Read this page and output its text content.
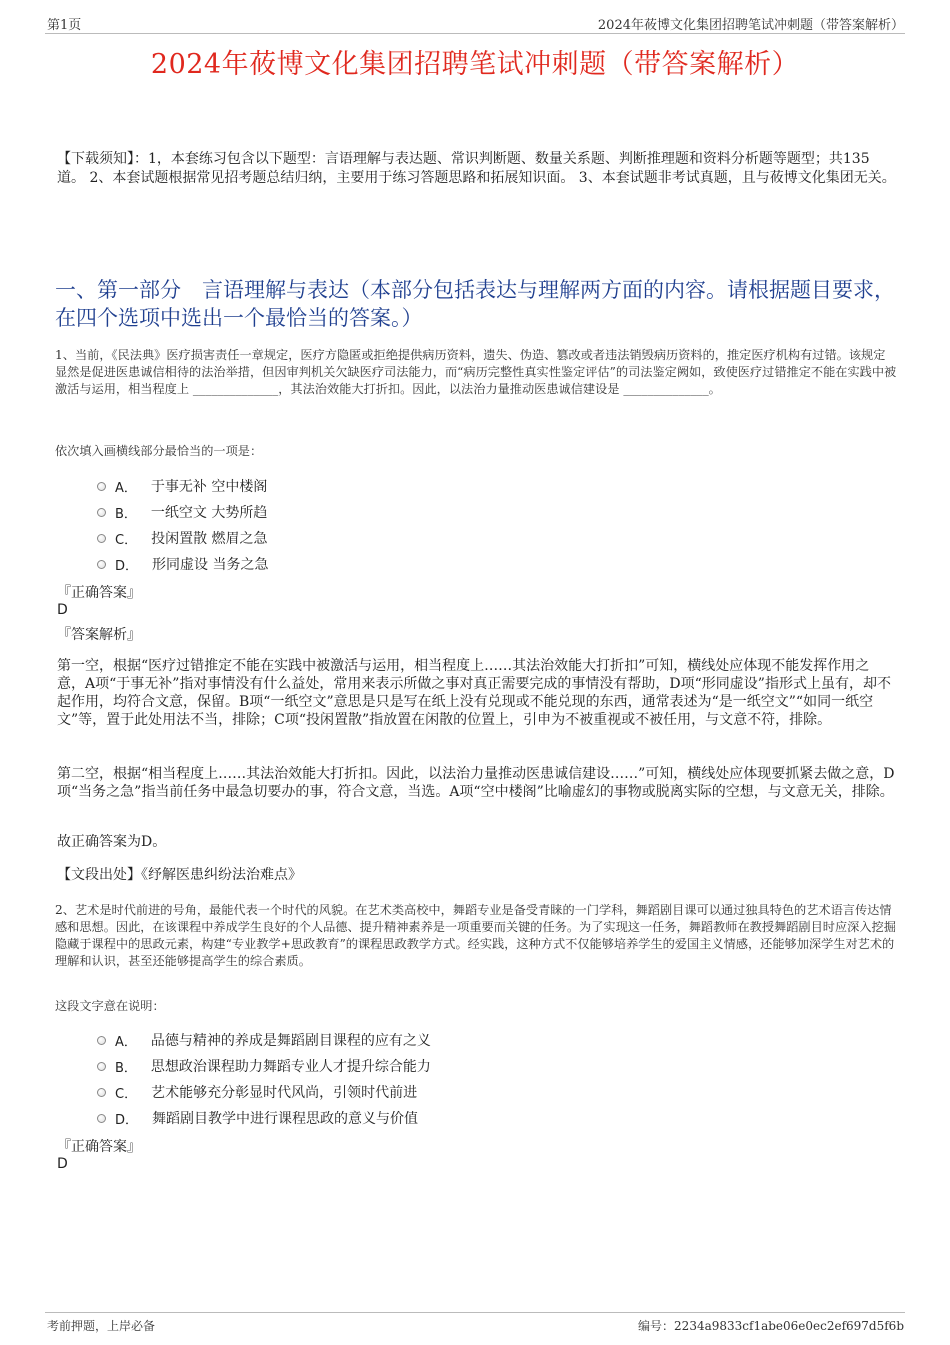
第1页	2024年莜博文化集团招聘笔试冲刺题（带答案解析）
2024年莜博文化集团招聘笔试冲刺题（带答案解析）
【下载须知】：1，本套练习包含以下题型：言语理解与表达题、常识判断题、数量关系题、判断推理题和资料分析题等题型；共135道。 2、本套试题根据常见招考题总结归纳，主要用于练习答题思路和拓展知识面。 3、本套试题非考试真题，且与莜博文化集团无关。
一、第一部分　言语理解与表达（本部分包括表达与理解两方面的内容。请根据题目要求，在四个选项中选出一个最恰当的答案。）
1、当前，《民法典》医疗损害责任一章规定，医疗方隐匿或拒绝提供病历资料，遗失、伪造、篡改或者违法销毁病历资料的，推定医疗机构有过错。该规定显然是促进医患诚信相待的法治举措，但因审判机关欠缺医疗司法能力，而“病历完整性真实性鉴定评估”的司法鉴定阙如，致使医疗过错推定不能在实践中被激活与运用，相当程度上 ______________，其法治效能大打折扣。因此，以法治力量推动医患诚信建设是 ______________。
依次填入画横线部分最恰当的一项是：
A． 于事无补 空中楼阁
B． 一纸空文 大势所趋
C． 投闲置散 燃眉之急
D． 形同虚设 当务之急
『正确答案』
D
『答案解析』
第一空，根据“医疗过错推定不能在实践中被激活与运用，相当程度上……其法治效能大打折扣”可知，横线处应体现不能发挥作用之意，A项“于事无补”指对事情没有什么益处，常用来表示所做之事对真正需要完成的事情没有帮助，D项“形同虚设”指形式上虽有，却不起作用，均符合文意，保留。B项“一纸空文”意思是只是写在纸上没有兑现或不能兑现的东西，通常表述为“是一纸空文”“如同一纸空文”等，置于此处用法不当，排除；C项“投闲置散”指放置在闲散的位置上，引申为不被重视或不被任用，与文意不符，排除。
第二空，根据“相当程度上……其法治效能大打折扣。因此，以法治力量推动医患诚信建设……”可知，横线处应体现要抓紧去做之意，D项“当务之急”指当前任务中最急切要办的事，符合文意，当选。A项“空中楼阁”比喻虚幻的事物或脱离实际的空想，与文意无关，排除。
故正确答案为D。
【文段出处】《纾解医患纠纷法治难点》
2、艺术是时代前进的号角，最能代表一个时代的风貌。在艺术类高校中，舞蹈专业是备受青睐的一门学科，舞蹈剧目课可以通过独具特色的艺术语言传达情感和思想。因此，在该课程中养成学生良好的个人品德、提升精神素养是一项重要而关键的任务。为了实现这一任务，舞蹈教师在教授舞蹈剧目时应深入挖掘隐藏于课程中的思政元素，构建“专业教学+思政教育”的课程思政教学方式。经实践，这种方式不仅能够培养学生的爱国主义情感，还能够加深学生对艺术的理解和认识，甚至还能够提高学生的综合素质。
这段文字意在说明：
A． 品德与精神的养成是舞蹈剧目课程的应有之义
B． 思想政治课程助力舞蹈专业人才提升综合能力
C． 艺术能够充分彰显时代风尚，引领时代前进
D． 舞蹈剧目教学中进行课程思政的意义与价值
『正确答案』
D
考前押题，上岸必备	编号：2234a9833cf1abe06e0ec2ef697d5f6b
